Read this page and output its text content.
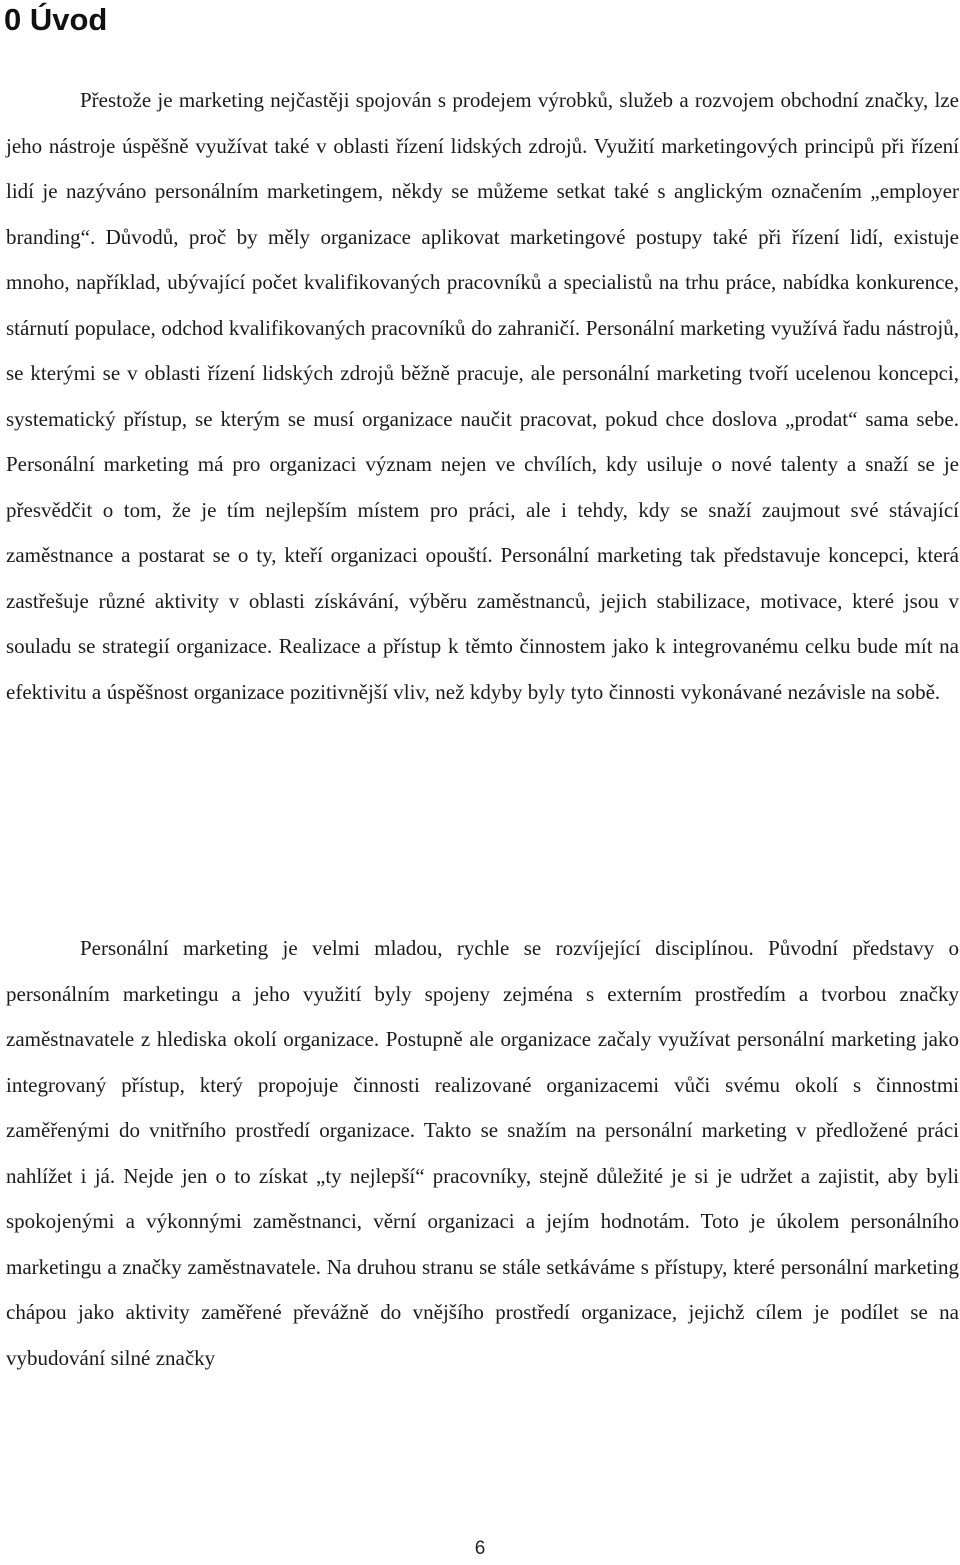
0 Úvod

Přestože je marketing nejčastěji spojován s prodejem výrobků, služeb a rozvojem obchodní značky, lze jeho nástroje úspěšně využívat také v oblasti řízení lidských zdrojů. Využití marketingových principů při řízení lidí je nazýváno personálním marketingem, někdy se můžeme setkat také s anglickým označením „employer branding“. Důvodů, proč by měly organizace aplikovat marketingové postupy také při řízení lidí, existuje mnoho, například, ubývající počet kvalifikovaných pracovníků a specialistů na trhu práce, nabídka konkurence, stárnutí populace, odchod kvalifikovaných pracovníků do zahraničí. Personální marketing využívá řadu nástrojů, se kterými se v oblasti řízení lidských zdrojů běžně pracuje, ale personální marketing tvoří ucelenou koncepci, systematický přístup, se kterým se musí organizace naučit pracovat, pokud chce doslova „prodat“ sama sebe. Personální marketing má pro organizaci význam nejen ve chvílích, kdy usiluje o nové talenty a snaží se je přesvědčit o tom, že je tím nejlepším místem pro práci, ale i tehdy, kdy se snaží zaujmout své stávající zaměstnance a postarat se o ty, kteří organizaci opouští. Personální marketing tak představuje koncepci, která zastřešuje různé aktivity v oblasti získávání, výběru zaměstnanců, jejich stabilizace, motivace, které jsou v souladu se strategií organizace. Realizace a přístup k těmto činnostem jako k integrovanému celku bude mít na efektivitu a úspěšnost organizace pozitivnější vliv, než kdyby byly tyto činnosti vykonávané nezávisle na sobě.

Personální marketing je velmi mladou, rychle se rozvíjející disciplínou. Původní představy o personálním marketingu a jeho využití byly spojeny zejména s externím prostředím a tvorbou značky zaměstnavatele z hlediska okolí organizace. Postupně ale organizace začaly využívat personální marketing jako integrovaný přístup, který propojuje činnosti realizované organizacemi vůči svému okolí s činnostmi zaměřenými do vnitřního prostředí organizace. Takto se snažím na personální marketing v předložené práci nahlížet i já. Nejde jen o to získat „ty nejlepší“ pracovníky, stejně důležité je si je udržet a zajistit, aby byli spokojenými a výkonnými zaměstnanci, věrní organizaci a jejím hodnotám. Toto je úkolem personálního marketingu a značky zaměstnavatele. Na druhou stranu se stále setkáváme s přístupy, které personální marketing chápou jako aktivity zaměřené převážně do vnějšího prostředí organizace, jejichž cílem je podílet se na vybudování silné značky

6
